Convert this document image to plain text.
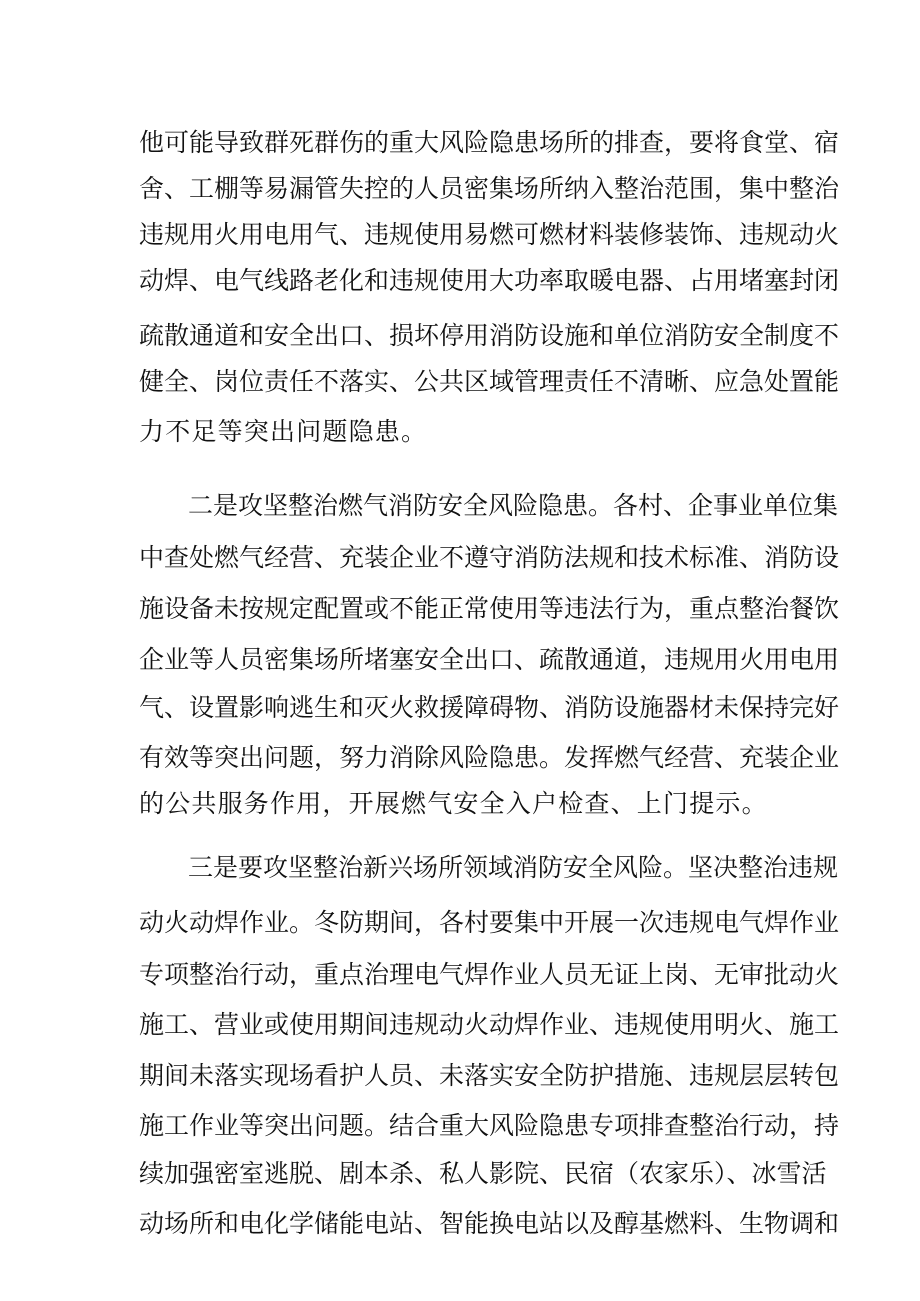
他可能导致群死群伤的重大风险隐患场所的排查，要将食堂、宿
舍、工棚等易漏管失控的人员密集场所纳入整治范围，集中整治
违规用火用电用气、违规使用易燃可燃材料装修装饰、违规动火
动焊、电气线路老化和违规使用大功率取暖电器、占用堵塞封闭
疏散通道和安全出口、损坏停用消防设施和单位消防安全制度不
健全、岗位责任不落实、公共区域管理责任不清晰、应急处置能
力不足等突出问题隐患。
二是攻坚整治燃气消防安全风险隐患。各村、企事业单位集
中查处燃气经营、充装企业不遵守消防法规和技术标准、消防设
施设备未按规定配置或不能正常使用等违法行为，重点整治餐饮
企业等人员密集场所堵塞安全出口、疏散通道，违规用火用电用
气、设置影响逃生和灭火救援障碍物、消防设施器材未保持完好
有效等突出问题，努力消除风险隐患。发挥燃气经营、充装企业
的公共服务作用，开展燃气安全入户检查、上门提示。
三是要攻坚整治新兴场所领域消防安全风险。坚决整治违规
动火动焊作业。冬防期间，各村要集中开展一次违规电气焊作业
专项整治行动，重点治理电气焊作业人员无证上岗、无审批动火
施工、营业或使用期间违规动火动焊作业、违规使用明火、施工
期间未落实现场看护人员、未落实安全防护措施、违规层层转包
施工作业等突出问题。结合重大风险隐患专项排查整治行动，持
续加强密室逃脱、剧本杀、私人影院、民宿（农家乐）、冰雪活
动场所和电化学储能电站、智能换电站以及醇基燃料、生物调和
